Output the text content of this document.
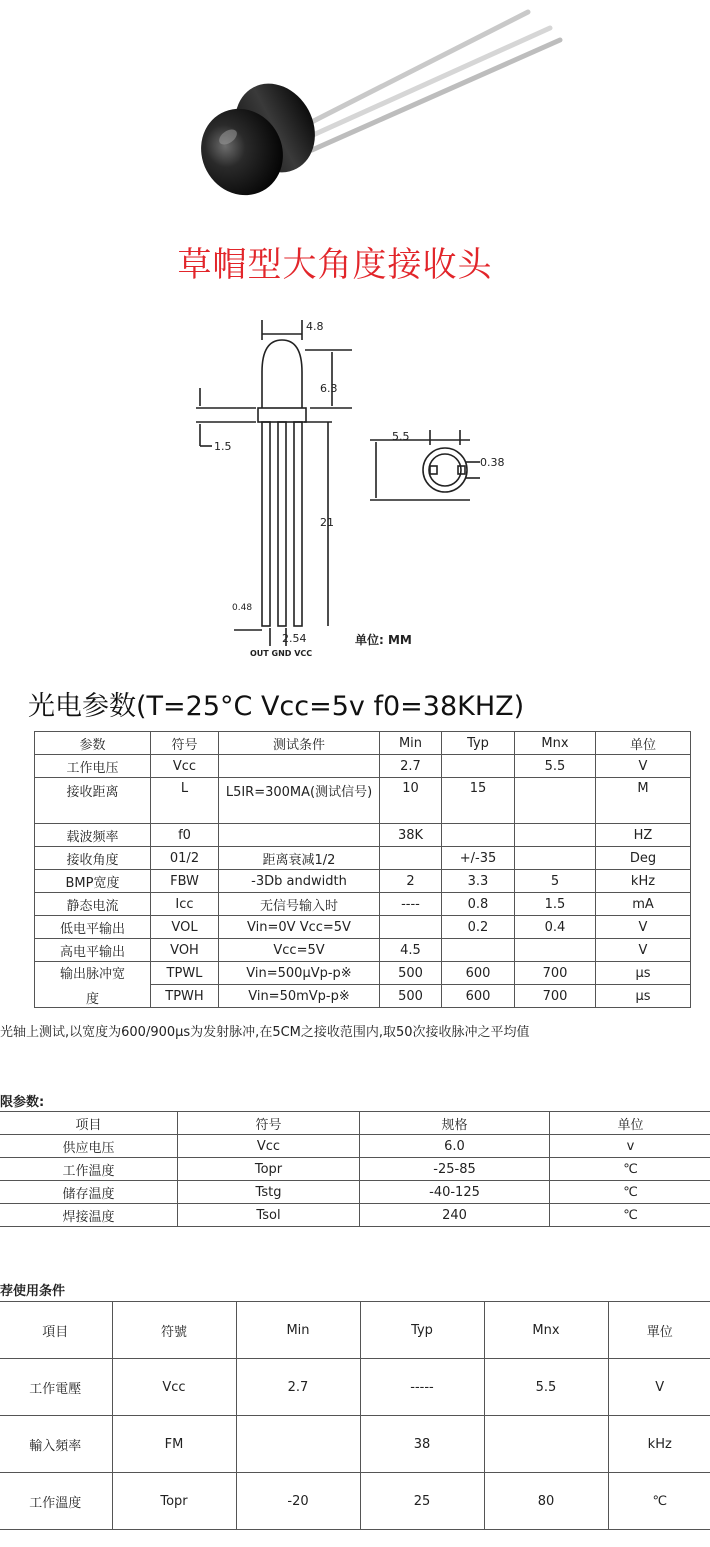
草帽型大角度接收头
4.8
6.3
1.5
21
0.48
2.54
OUT GND VCC
5.5
0.38
单位: MM
光电参数(T=25°C Vcc=5v f0=38KHZ)
参数	符号	测试条件	Min	Typ	Mnx	单位
工作电压	Vcc		2.7		5.5	V
接收距离	L	L5IR=300MA(测试信号)	10	15		M
载波频率	f0		38K			HZ
接收角度	01/2	距离衰减1/2		+/-35		Deg
BMP宽度	FBW	-3Db andwidth	2	3.3	5	kHz
静态电流	Icc	无信号输入时	----	0.8	1.5	mA
低电平输出	VOL	Vin=0V Vcc=5V		0.2	0.4	V
高电平输出	VOH	Vcc=5V	4.5			V

输出脉冲宽
度	TPWL	Vin=500μVp-p※	500	600	700	μs
	TPWH	Vin=50mVp-p※	500	600	700	μs
光轴上测试,以宽度为600/900μs为发射脉冲,在5CM之接收范围内,取50次接收脉冲之平均值
限参数:
项目	符号	规格	单位
供应电压	Vcc	6.0	v
工作温度	Topr	-25-85	℃
储存温度	Tstg	-40-125	℃
焊接温度	Tsol	240	℃
荐使用条件
項目	符號	Min	Typ	Mnx	單位
工作電壓	Vcc	2.7	-----	5.5	V
輸入頻率	FM		38		kHz
工作溫度	Topr	-20	25	80	℃
